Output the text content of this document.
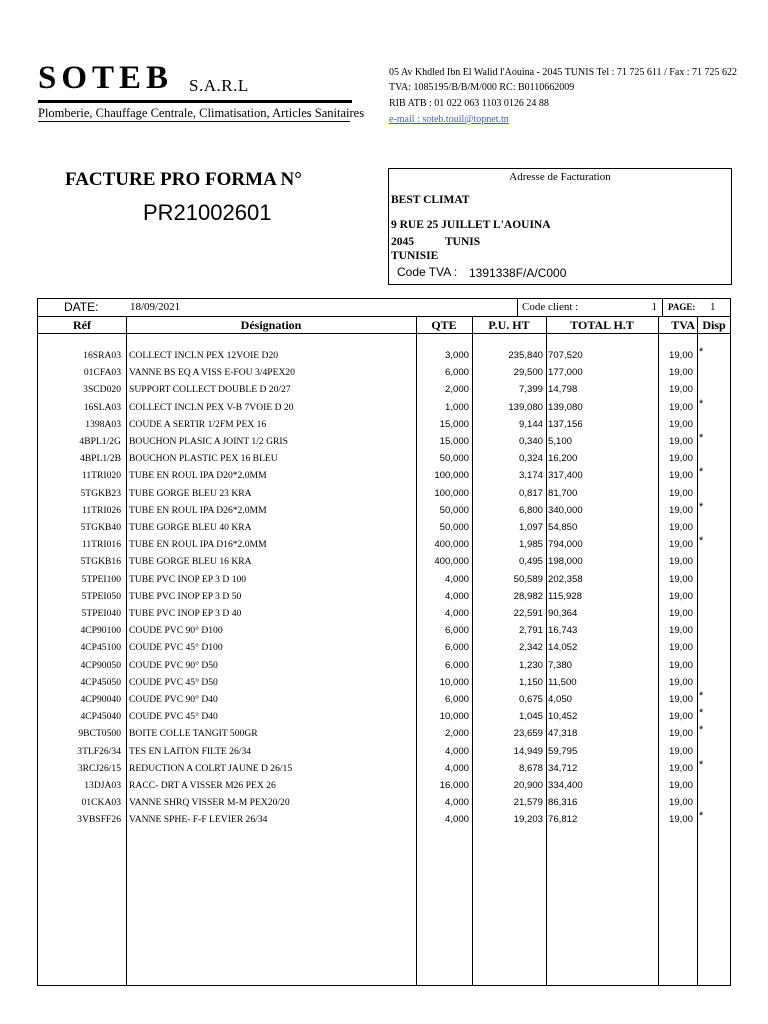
SOTEB S.A.R.L
Plomberie, Chauffage Centrale, Climatisation, Articles Sanitaires
05 Av Khdled Ibn El Walid l'Aouina - 2045 TUNIS Tel : 71 725 611 / Fax : 71 725 622
TVA: 1085195/B/B/M/000 RC: B0110662009
RIB ATB : 01 022 063 1103 0126 24 88
e-mail : soteb.touil@topnet.tn
FACTURE PRO FORMA N°
PR21002601
Adresse de Facturation
BEST CLIMAT
9 RUE 25 JUILLET L'AOUINA
2045	TUNIS
TUNISIE
Code TVA : 1391338F/A/C000
DATE:	18/09/2021	Code client :	1 PAGE: 1
Réf	Désignation	QTE	P.U. HT	TOTAL H.T	TVA Disp
16SRA03 COLLECT INCLN PEX 12VOIE D20	3,000	235,840 707,520	19,00 *
01CFA03 VANNE BS EQ A VISS E-FOU 3/4PEX20	6,000	29,500 177,000	19,00
3SCD020 SUPPORT COLLECT DOUBLE D 20/27	2,000	7,399 14,798	19,00
16SLA03 COLLECT INCLN PEX V-B 7VOIE D 20	1,000	139,080 139,080	19,00 *
1398A03 COUDE A SERTIR 1/2FM PEX 16	15,000	9,144 137,156	19,00
4BPL1/2G BOUCHON PLASIC A JOINT 1/2 GRIS	15,000	0,340 5,100	19,00 *
4BPL1/2B BOUCHON PLASTIC PEX 16 BLEU	50,000	0,324 16,200	19,00
11TRI020 TUBE EN ROUL IPA D20*2.0MM	100,000	3,174 317,400	19,00 *
5TGKB23 TUBE GORGE BLEU 23 KRA	100,000	0,817 81,700	19,00
11TRI026 TUBE EN ROUL IPA D26*2.0MM	50,000	6,800 340,000	19,00 *
5TGKB40 TUBE GORGE BLEU 40 KRA	50,000	1,097 54,850	19,00
11TRI016 TUBE EN ROUL IPA D16*2.0MM	400,000	1,985 794,000	19,00 *
5TGKB16 TUBE GORGE BLEU 16 KRA	400,000	0,495 198,000	19,00
5TPEI100 TUBE PVC INOP EP 3 D 100	4,000	50,589 202,358	19,00
5TPEI050 TUBE PVC INOP EP 3 D 50	4,000	28,982 115,928	19,00
5TPEI040 TUBE PVC INOP EP 3 D 40	4,000	22,591 90,364	19,00
4CP90100 COUDE PVC 90° D100	6,000	2,791 16,743	19,00
4CP45100 COUDE PVC 45° D100	6,000	2,342 14,052	19,00
4CP90050 COUDE PVC 90° D50	6,000	1,230 7,380	19,00
4CP45050 COUDE PVC 45° D50	10,000	1,150 11,500	19,00
4CP90040 COUDE PVC 90° D40	6,000	0,675 4,050	19,00 *
4CP45040 COUDE PVC 45° D40	10,000	1,045 10,452	19,00 *
9BCT0500 BOITE COLLE TANGIT 500GR	2,000	23,659 47,318	19,00 *
3TLF26/34 TES EN LAITON FILTE 26/34	4,000	14,949 59,795	19,00
3RCJ26/15 REDUCTION A COLRT JAUNE D 26/15	4,000	8,678 34,712	19,00 *
13DJA03 RACC- DRT A VISSER M26 PEX 26	16,000	20,900 334,400	19,00
01CKA03 VANNE SHRQ VISSER M-M PEX20/20	4,000	21,579 86,316	19,00
3VBSFF26 VANNE SPHE- F-F LEVIER 26/34	4,000	19,203 76,812	19,00 *
